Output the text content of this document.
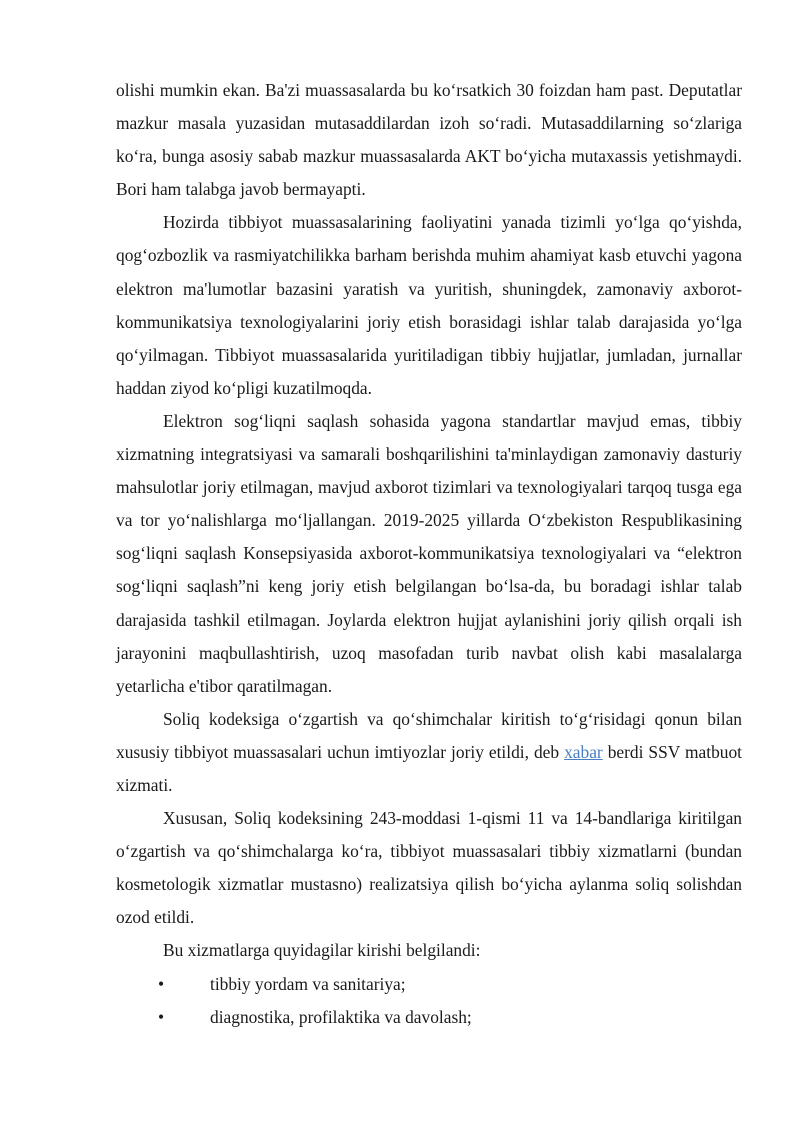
olishi mumkin ekan. Ba'zi muassasalarda bu ko‘rsatkich 30 foizdan ham past. Deputatlar mazkur masala yuzasidan mutasaddilardan izoh so‘radi. Mutasaddilarning so‘zlariga ko‘ra, bunga asosiy sabab mazkur muassasalarda AKT bo‘yicha mutaxassis yetishmaydi. Bori ham talabga javob bermayapti.

Hozirda tibbiyot muassasalarining faoliyatini yanada tizimli yo‘lga qo‘yishda, qog‘ozbozlik va rasmiyatchilikka barham berishda muhim ahamiyat kasb etuvchi yagona elektron ma'lumotlar bazasini yaratish va yuritish, shuningdek, zamonaviy axborot-kommunikatsiya texnologiyalarini joriy etish borasidagi ishlar talab darajasida yo‘lga qo‘yilmagan. Tibbiyot muassasalarida yuritiladigan tibbiy hujjatlar, jumladan, jurnallar haddan ziyod ko‘pligi kuzatilmoqda.

Elektron sog‘liqni saqlash sohasida yagona standartlar mavjud emas, tibbiy xizmatning integratsiyasi va samarali boshqarilishini ta'minlaydigan zamonaviy dasturiy mahsulotlar joriy etilmagan, mavjud axborot tizimlari va texnologiyalari tarqoq tusga ega va tor yo‘nalishlarga mo‘ljallangan. 2019-2025 yillarda O‘zbekiston Respublikasining sog‘liqni saqlash Konsepsiyasida axborot-kommunikatsiya texnologiyalari va “elektron sog‘liqni saqlash”ni keng joriy etish belgilangan bo‘lsa-da, bu boradagi ishlar talab darajasida tashkil etilmagan. Joylarda elektron hujjat aylanishini joriy qilish orqali ish jarayonini maqbullashtirish, uzoq masofadan turib navbat olish kabi masalalarga yetarlicha e'tibor qaratilmagan.

Soliq kodeksiga o‘zgartish va qo‘shimchalar kiritish to‘g‘risidagi qonun bilan xususiy tibbiyot muassasalari uchun imtiyozlar joriy etildi, deb xabar berdi SSV matbuot xizmati.

Xususan, Soliq kodeksining 243-moddasi 1-qismi 11 va 14-bandlariga kiritilgan o‘zgartish va qo‘shimchalarga ko‘ra, tibbiyot muassasalari tibbiy xizmatlarni (bundan kosmetologik xizmatlar mustasno) realizatsiya qilish bo‘yicha aylanma soliq solishdan ozod etildi.

Bu xizmatlarga quyidagilar kirishi belgilandi:

•	tibbiy yordam va sanitariya;
•	diagnostika, profilaktika va davolash;
